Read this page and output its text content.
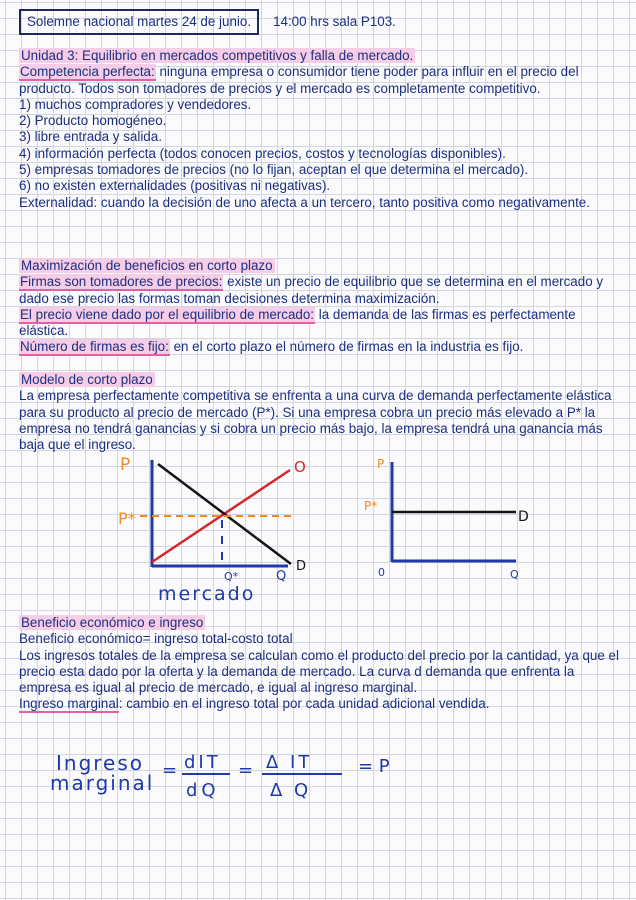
Solemne nacional martes 24 de junio.	14:00 hrs sala P103.

Unidad 3: Equilibrio en mercados competitivos y falla de mercado.

Competencia perfecta: ninguna empresa o consumidor tiene poder para influir en el precio del producto. Todos son tomadores de precios y el mercado es completamente competitivo.

1) muchos compradores y vendedores.

2) Producto homogéneo.

3) libre entrada y salida.

4) información perfecta (todos conocen precios, costos y tecnologías disponibles).

5) empresas tomadores de precios (no lo fijan, aceptan el que determina el mercado).

6) no existen externalidades (positivas ni negativas).

Externalidad: cuando la decisión de uno afecta a un tercero, tanto positiva como negativamente.

Maximización de beneficios en corto plazo

Firmas son tomadores de precios: existe un precio de equilibrio que se determina en el mercado y dado ese precio las formas toman decisiones determina maximización.

El precio viene dado por el equilibrio de mercado: la demanda de las firmas es perfectamente elástica.

Número de firmas es fijo: en el corto plazo el número de firmas en la industria es fijo.

Modelo de corto plazo

La empresa perfectamente competitiva se enfrenta a una curva de demanda perfectamente elástica para su producto al precio de mercado (P*). Si una empresa cobra un precio más elevado a P* la empresa no tendrá ganancias y si cobra un precio más bajo, la empresa tendrá una ganancia más baja que el ingreso.

Beneficio económico e ingreso

Beneficio económico= ingreso total-costo total

Los ingresos totales de la empresa se calculan como el producto del precio por la cantidad, ya que el precio esta dado por la oferta y la demanda de mercado. La curva d demanda que enfrenta la empresa es igual al precio de mercado, e igual al ingreso marginal.

Ingreso marginal: cambio en el ingreso total por cada unidad adicional vendida.

P	O
D
P*
Q*	Q
mercado
P
P*
D
0	Q
Ingreso
marginal
= dIT
dQ
= Δ IT
Δ Q
= P
